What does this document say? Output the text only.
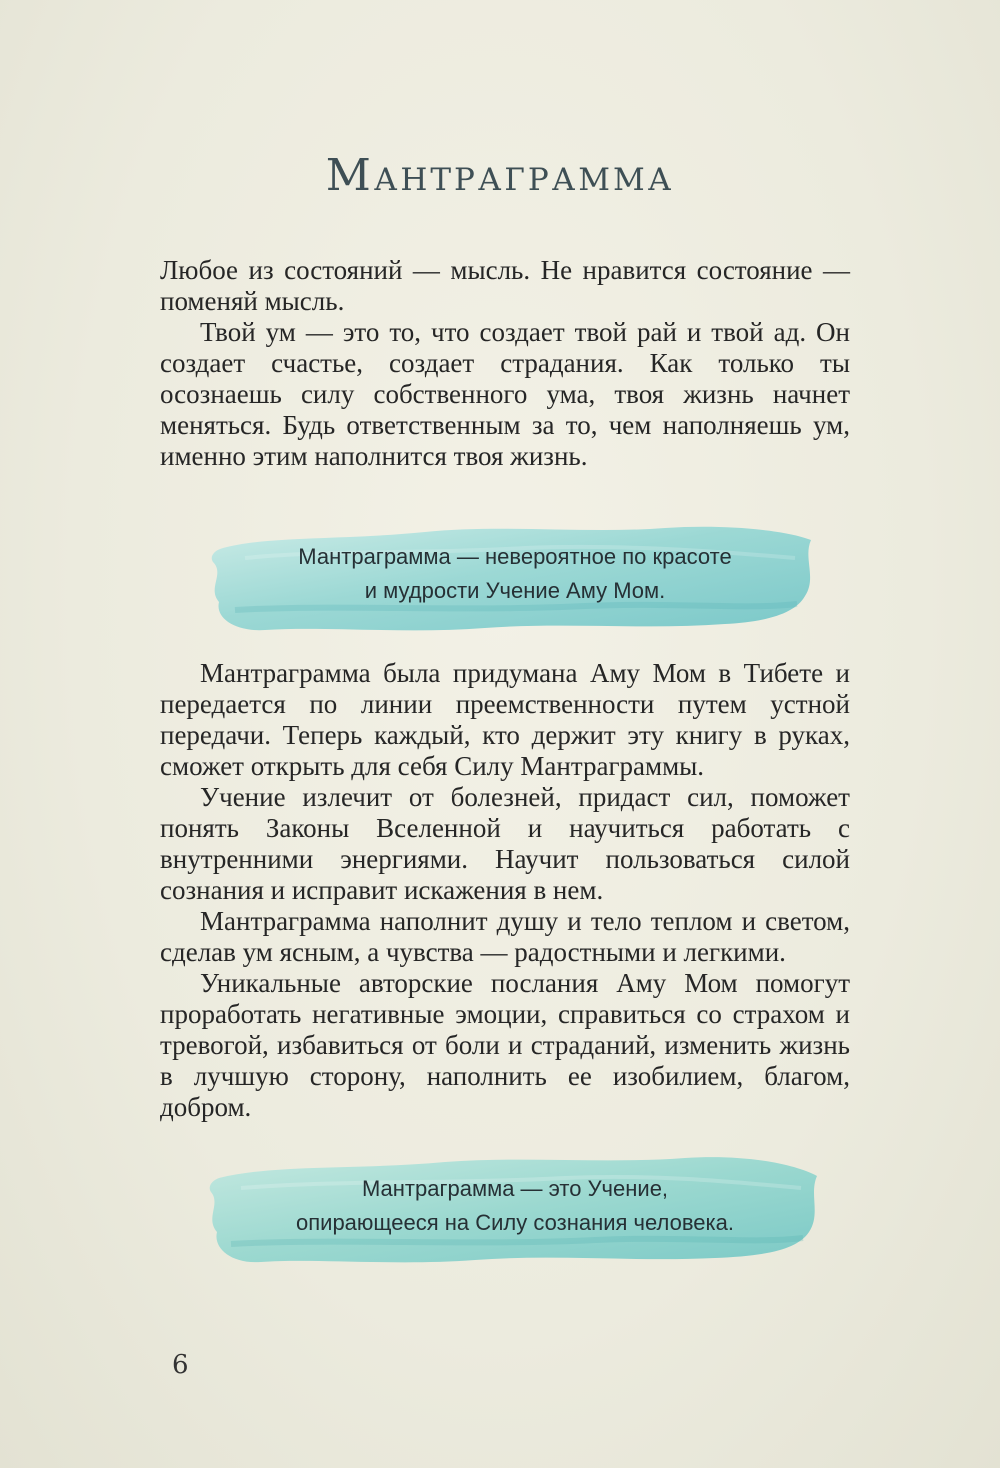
Мантраграмма

Любое из состояний — мысль. Не нравится состояние — поменяй мысль.

Твой ум — это то, что создает твой рай и твой ад. Он создает счастье, создает страдания. Как только ты осознаешь силу собственного ума, твоя жизнь начнет меняться. Будь ответственным за то, чем наполняешь ум, именно этим наполнится твоя жизнь.

Мантраграмма — невероятное по красоте
и мудрости Учение Аму Мом.

Мантраграмма была придумана Аму Мом в Тибете и передается по линии преемственности путем устной передачи. Теперь каждый, кто держит эту книгу в руках, сможет открыть для себя Силу Мантраграммы.

Учение излечит от болезней, придаст сил, поможет понять Законы Вселенной и научиться работать с внутренними энергиями. Научит пользоваться силой сознания и исправит искажения в нем.

Мантраграмма наполнит душу и тело теплом и светом, сделав ум ясным, а чувства — радостными и легкими.

Уникальные авторские послания Аму Мом помогут проработать негативные эмоции, справиться со страхом и тревогой, избавиться от боли и страданий, изменить жизнь в лучшую сторону, наполнить ее изобилием, благом, добром.

Мантраграмма — это Учение,
опирающееся на Силу сознания человека.
6
